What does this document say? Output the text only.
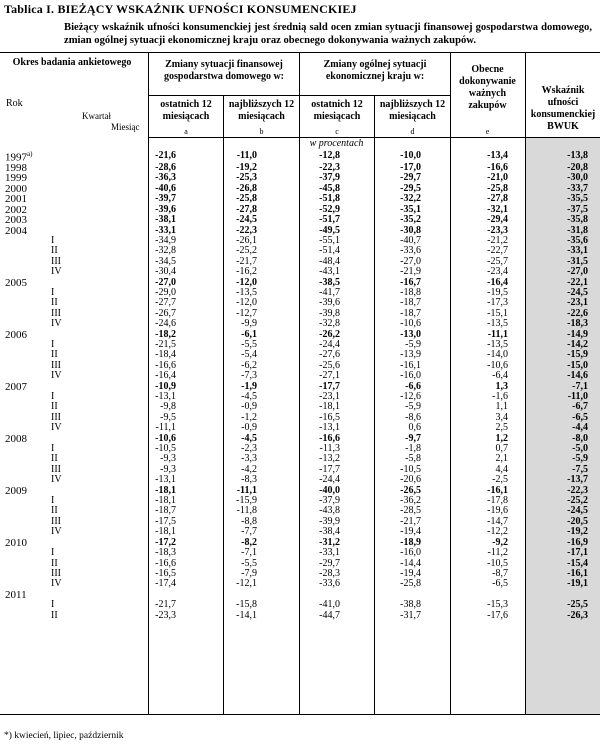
Tablica I. BIEŻĄCY WSKAŹNIK UFNOŚCI KONSUMENCKIEJ
Bieżący wskaźnik ufności konsumenckiej jest średnią sald ocen zmian sytuacji finansowej gospodarstwa domowego, zmian ogólnej sytuacji ekonomicznej kraju oraz obecnego dokonywania ważnych zakupów.
Okres badania ankietowego
Rok
Kwartał
Miesiąc
Zmiany sytuacji finansowej gospodarstwa domowego w:
Zmiany ogólnej sytuacji ekonomicznej kraju w:
Obecne dokonywanie ważnych zakupów
Wskaźnik ufności konsumenckiej BWUK
ostatnich 12 miesiącach
najbliższych 12 miesiącach
ostatnich 12 miesiącach
najbliższych 12 miesiącach
a	b	c	d	e
w procentach
1997$^{a)}$		-21,6	-11,0	-12,8	-10,0	-13,4	-13,8
1998		-28,6	-19,2	-22,3	-17,0	-16,6	-20,8
1999		-36,3	-25,3	-37,9	-29,7	-21,0	-30,0
2000		-40,6	-26,8	-45,8	-29,5	-25,8	-33,7
2001		-39,7	-25,8	-51,8	-32,2	-27,8	-35,5
2002		-39,6	-27,8	-52,9	-35,1	-32,1	-37,5
2003		-38,1	-24,5	-51,7	-35,2	-29,4	-35,8
2004		-33,1	-22,3	-49,5	-30,8	-23,3	-31,8
	I	-34,9	-26,1	-55,1	-40,7	-21,2	-35,6
	II	-32,8	-25,2	-51,4	-33,6	-22,7	-33,1
	III	-34,5	-21,7	-48,4	-27,0	-25,7	-31,5
	IV	-30,4	-16,2	-43,1	-21,9	-23,4	-27,0
2005		-27,0	-12,0	-38,5	-16,7	-16,4	-22,1
	I	-29,0	-13,5	-41,7	-18,8	-19,5	-24,5
	II	-27,7	-12,0	-39,6	-18,7	-17,3	-23,1
	III	-26,7	-12,7	-39,8	-18,7	-15,1	-22,6
	IV	-24,6	-9,9	-32,8	-10,6	-13,5	-18,3
2006		-18,2	-6,1	-26,2	-13,0	-11,1	-14,9
	I	-21,5	-5,5	-24,4	-5,9	-13,5	-14,2
	II	-18,4	-5,4	-27,6	-13,9	-14,0	-15,9
	III	-16,6	-6,2	-25,6	-16,1	-10,6	-15,0
	IV	-16,4	-7,3	-27,1	-16,0	-6,4	-14,6
2007		-10,9	-1,9	-17,7	-6,6	1,3	-7,1
	I	-13,1	-4,5	-23,1	-12,6	-1,6	-11,0
	II	-9,8	-0,9	-18,1	-5,9	1,1	-6,7
	III	-9,5	-1,2	-16,5	-8,6	3,4	-6,5
	IV	-11,1	-0,9	-13,1	0,6	2,5	-4,4
2008		-10,6	-4,5	-16,6	-9,7	1,2	-8,0
	I	-10,5	-2,3	-11,3	-1,8	0,7	-5,0
	II	-9,3	-3,3	-13,2	-5,8	2,1	-5,9
	III	-9,3	-4,2	-17,7	-10,5	4,4	-7,5
	IV	-13,1	-8,3	-24,4	-20,6	-2,5	-13,7
2009		-18,1	-11,1	-40,0	-26,5	-16,1	-22,3
	I	-18,1	-15,9	-37,9	-36,2	-17,8	-25,2
	II	-18,7	-11,8	-43,8	-28,5	-19,6	-24,5
	III	-17,5	-8,8	-39,9	-21,7	-14,7	-20,5
	IV	-18,1	-7,7	-38,4	-19,4	-12,2	-19,2
2010		-17,2	-8,2	-31,2	-18,9	-9,2	-16,9
	I	-18,3	-7,1	-33,1	-16,0	-11,2	-17,1
	II	-16,6	-5,5	-29,7	-14,4	-10,5	-15,4
	III	-16,5	-7,9	-28,3	-19,4	-8,7	-16,1
	IV	-17,4	-12,1	-33,6	-25,8	-6,5	-19,1
2011							
	I	-21,7	-15,8	-41,0	-38,8	-15,3	-25,5
	II	-23,3	-14,1	-44,7	-31,7	-17,6	-26,3
*) kwiecień, lipiec, październik
